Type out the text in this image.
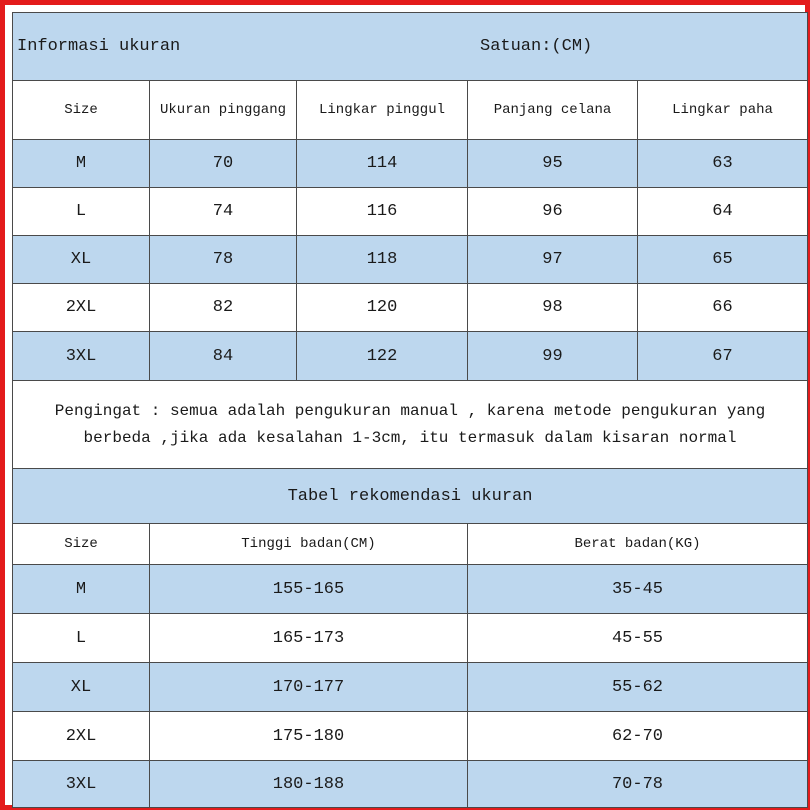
Informasi ukuran	Satuan:(CM)
Size	Ukuran pinggang	Lingkar pinggul	Panjang celana	Lingkar paha
M	70	114	95	63
L	74	116	96	64
XL	78	118	97	65
2XL	82	120	98	66
3XL	84	122	99	67
Pengingat : semua adalah pengukuran manual , karena metode pengukuran yang berbeda ,jika ada kesalahan 1-3cm, itu termasuk dalam kisaran normal
Tabel rekomendasi ukuran
Size	Tinggi badan(CM)	Berat badan(KG)
M	155-165	35-45
L	165-173	45-55
XL	170-177	55-62
2XL	175-180	62-70
3XL	180-188	70-78
